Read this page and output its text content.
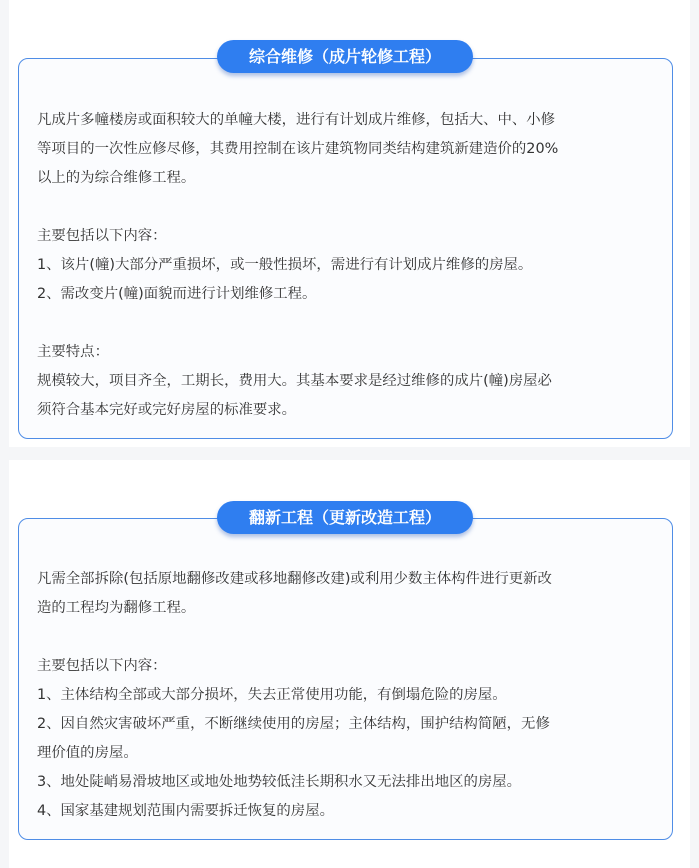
综合维修（成片轮修工程）

凡成片多幢楼房或面积较大的单幢大楼，进行有计划成片维修，包括大、中、小修

等项目的一次性应修尽修，其费用控制在该片建筑物同类结构建筑新建造价的20%

以上的为综合维修工程。

主要包括以下内容：

1、该片(幢)大部分严重损坏，或一般性损坏，需进行有计划成片维修的房屋。

2、需改变片(幢)面貌而进行计划维修工程。

主要特点：

规模较大，项目齐全，工期长，费用大。其基本要求是经过维修的成片(幢)房屋必

须符合基本完好或完好房屋的标准要求。

翻新工程（更新改造工程）

凡需全部拆除(包括原地翻修改建或移地翻修改建)或利用少数主体构件进行更新改

造的工程均为翻修工程。

主要包括以下内容：

1、主体结构全部或大部分损坏，失去正常使用功能，有倒塌危险的房屋。

2、因自然灾害破坏严重，不断继续使用的房屋；主体结构，围护结构简陋，无修

理价值的房屋。

3、地处陡峭易滑坡地区或地处地势较低洼长期积水又无法排出地区的房屋。

4、国家基建规划范围内需要拆迁恢复的房屋。
